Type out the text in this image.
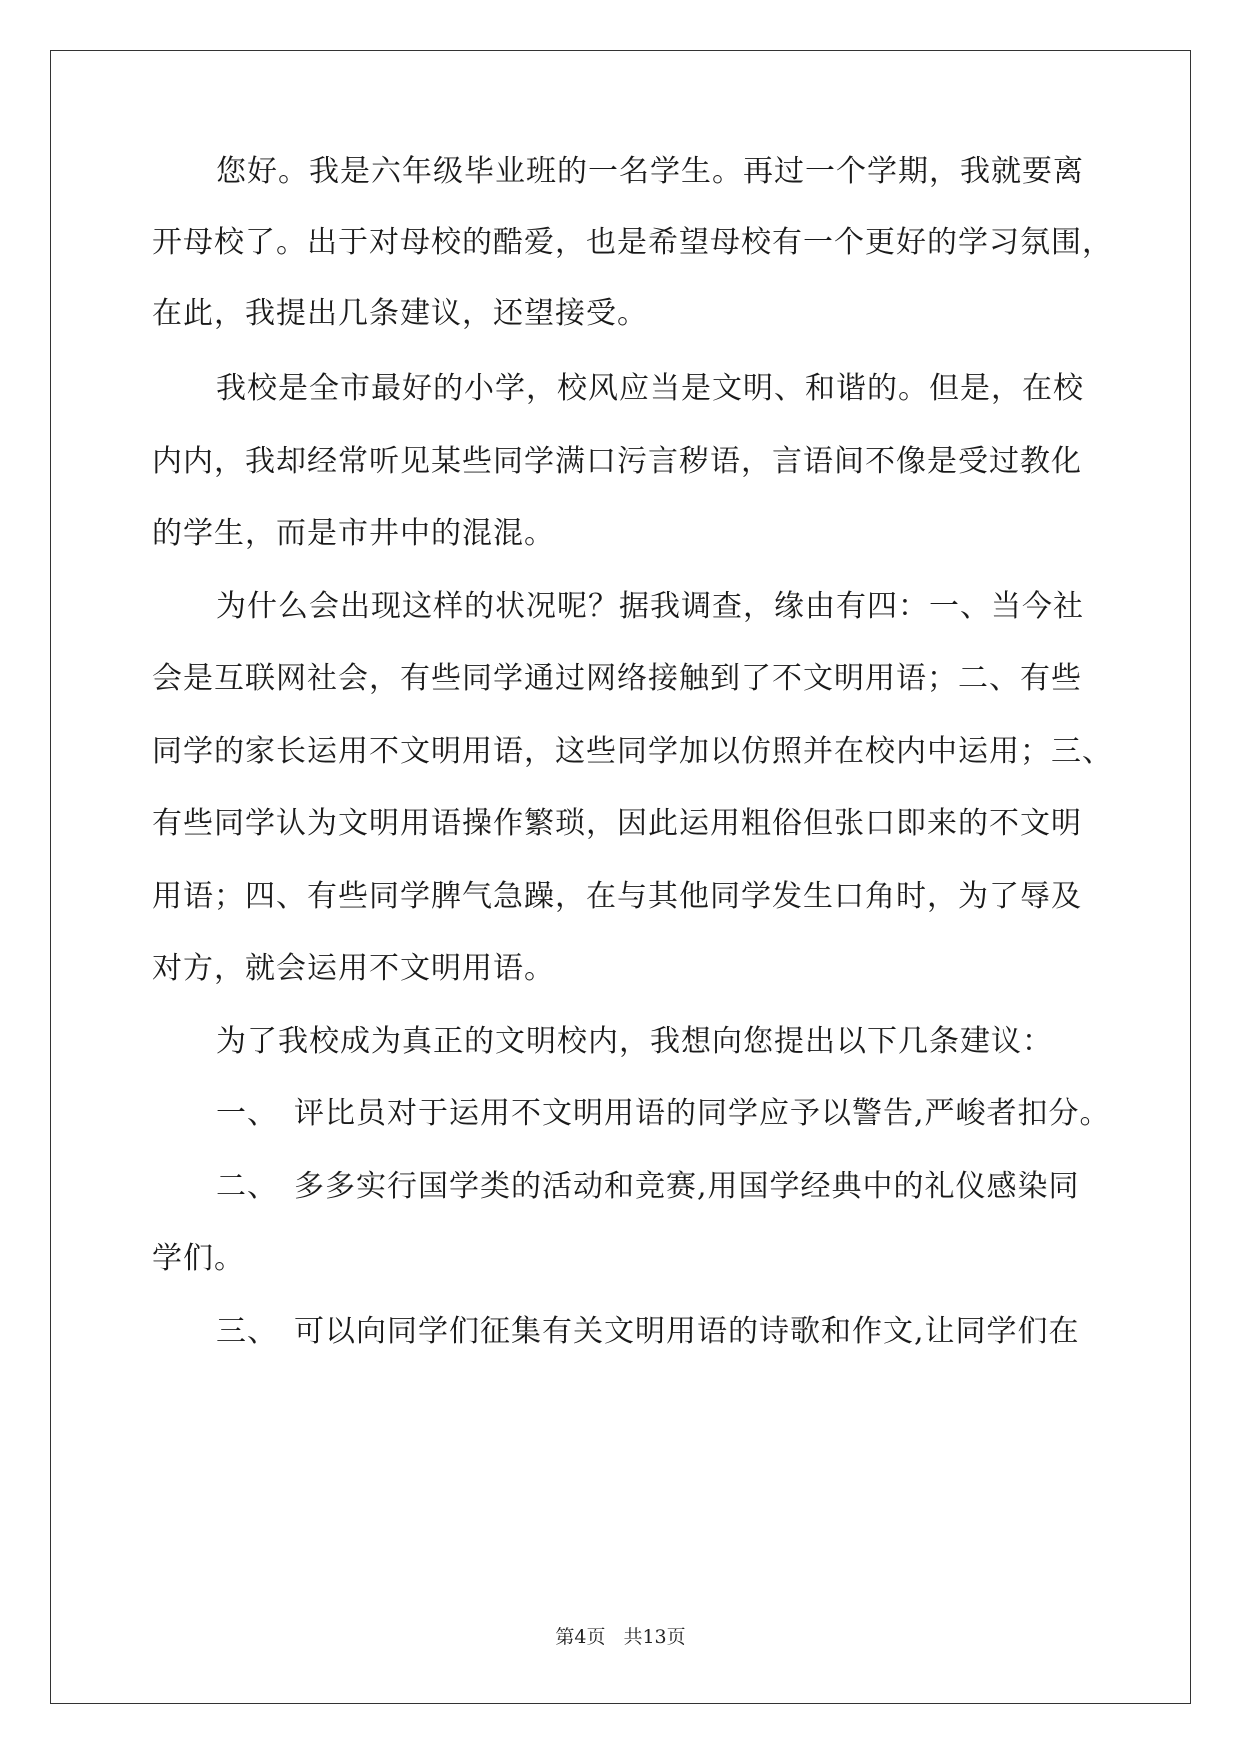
您好。我是六年级毕业班的一名学生。再过一个学期，我就要离
开母校了。出于对母校的酷爱，也是希望母校有一个更好的学习氛围，
在此，我提出几条建议，还望接受。
我校是全市最好的小学，校风应当是文明、和谐的。但是，在校
内内，我却经常听见某些同学满口污言秽语，言语间不像是受过教化
的学生，而是市井中的混混。
为什么会出现这样的状况呢？据我调查，缘由有四：一、当今社
会是互联网社会，有些同学通过网络接触到了不文明用语；二、有些
同学的家长运用不文明用语，这些同学加以仿照并在校内中运用；三、
有些同学认为文明用语操作繁琐，因此运用粗俗但张口即来的不文明
用语；四、有些同学脾气急躁，在与其他同学发生口角时，为了辱及
对方，就会运用不文明用语。
为了我校成为真正的文明校内，我想向您提出以下几条建议：
一、　评比员对于运用不文明用语的同学应予以警告,严峻者扣分。
二、　多多实行国学类的活动和竞赛,用国学经典中的礼仪感染同
学们。
三、　可以向同学们征集有关文明用语的诗歌和作文,让同学们在
第4页 共13页
